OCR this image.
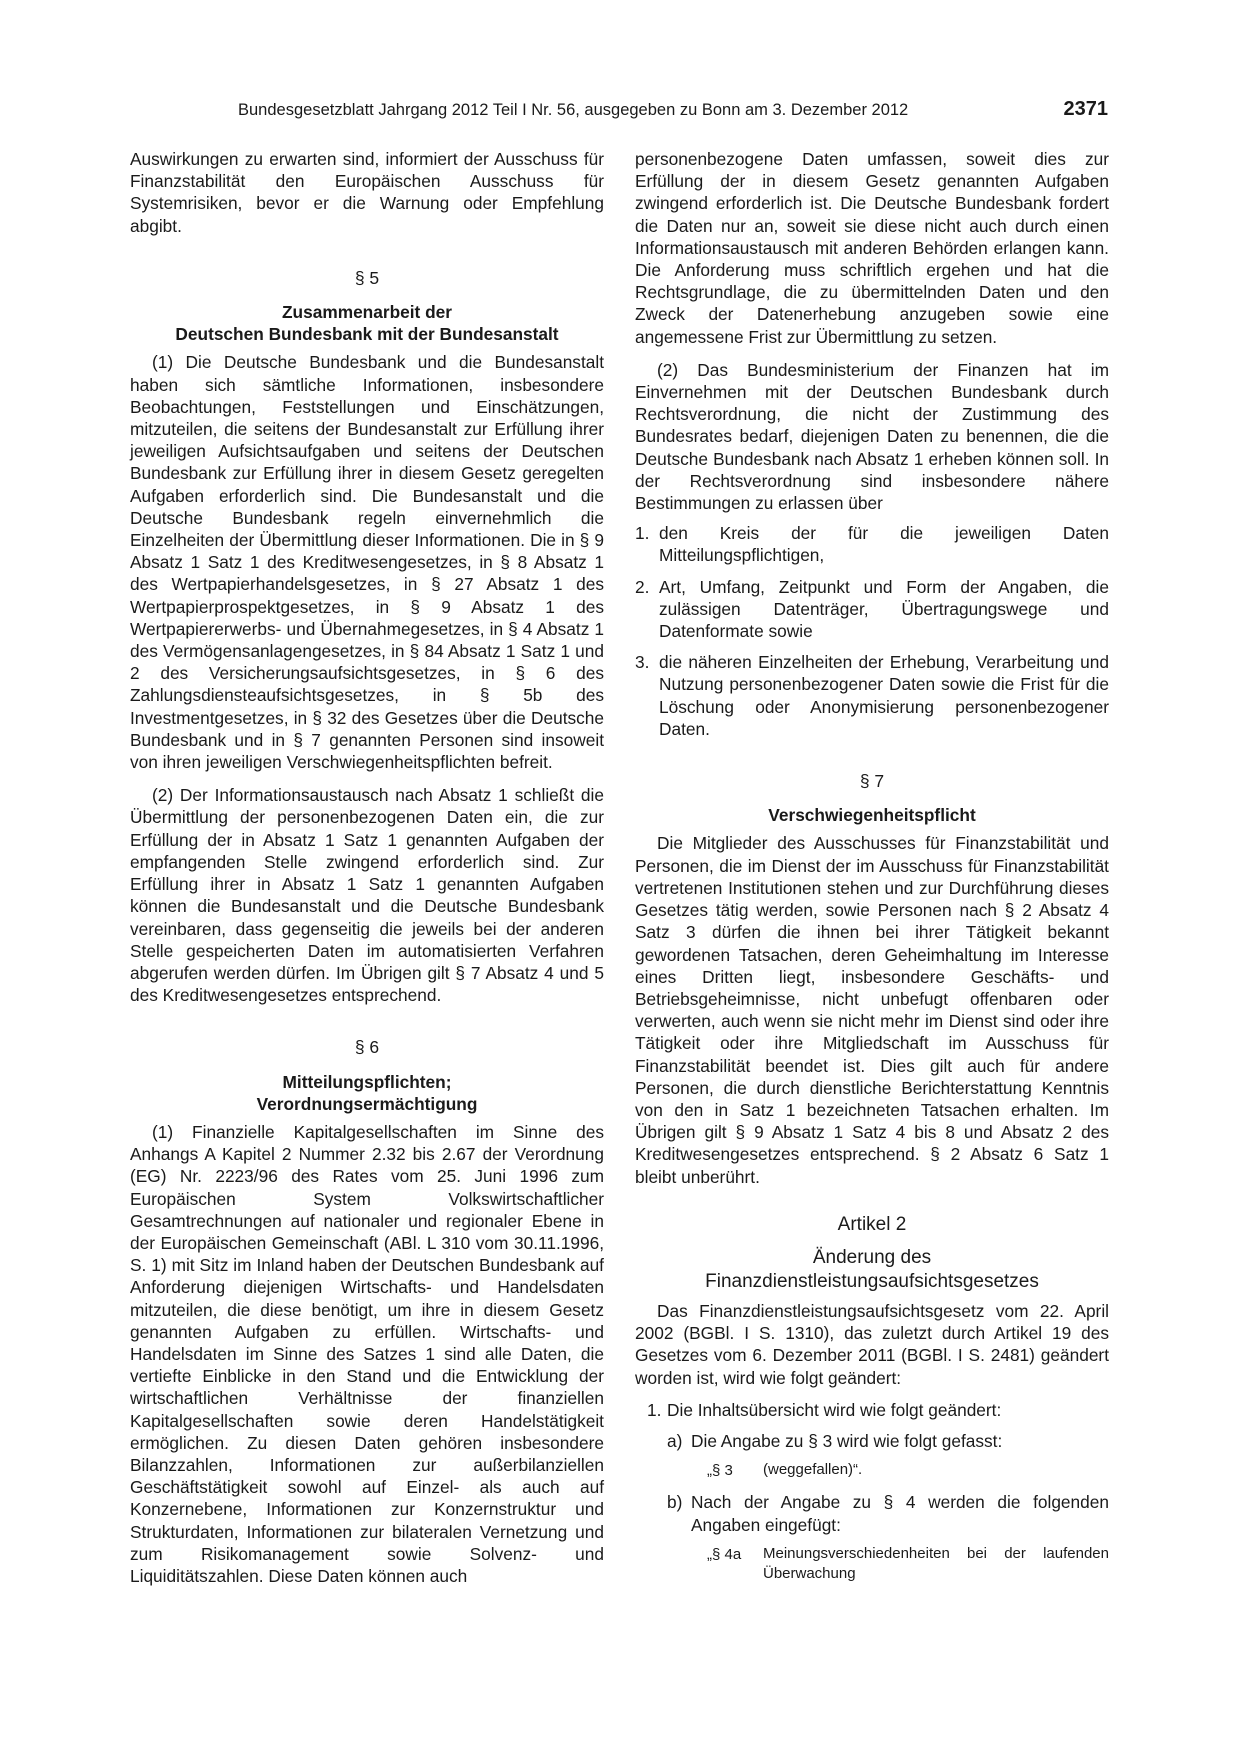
Bundesgesetzblatt Jahrgang 2012 Teil I Nr. 56, ausgegeben zu Bonn am 3. Dezember 2012	2371

Auswirkungen zu erwarten sind, informiert der Ausschuss für Finanzstabilität den Europäischen Ausschuss für Systemrisiken, bevor er die Warnung oder Empfehlung abgibt.

§ 5
Zusammenarbeit der
Deutschen Bundesbank mit der Bundesanstalt

(1) Die Deutsche Bundesbank und die Bundesanstalt haben sich sämtliche Informationen, insbesondere Beobachtungen, Feststellungen und Einschätzungen, mitzuteilen, die seitens der Bundesanstalt zur Erfüllung ihrer jeweiligen Aufsichtsaufgaben und seitens der Deutschen Bundesbank zur Erfüllung ihrer in diesem Gesetz geregelten Aufgaben erforderlich sind. Die Bundesanstalt und die Deutsche Bundesbank regeln einvernehmlich die Einzelheiten der Übermittlung dieser Informationen. Die in § 9 Absatz 1 Satz 1 des Kreditwesengesetzes, in § 8 Absatz 1 des Wertpapierhandelsgesetzes, in § 27 Absatz 1 des Wertpapierprospektgesetzes, in § 9 Absatz 1 des Wertpapiererwerbs- und Übernahmegesetzes, in § 4 Absatz 1 des Vermögensanlagengesetzes, in § 84 Absatz 1 Satz 1 und 2 des Versicherungsaufsichtsgesetzes, in § 6 des Zahlungsdiensteaufsichtsgesetzes, in § 5b des Investmentgesetzes, in § 32 des Gesetzes über die Deutsche Bundesbank und in § 7 genannten Personen sind insoweit von ihren jeweiligen Verschwiegenheitspflichten befreit.

(2) Der Informationsaustausch nach Absatz 1 schließt die Übermittlung der personenbezogenen Daten ein, die zur Erfüllung der in Absatz 1 Satz 1 genannten Aufgaben der empfangenden Stelle zwingend erforderlich sind. Zur Erfüllung ihrer in Absatz 1 Satz 1 genannten Aufgaben können die Bundesanstalt und die Deutsche Bundesbank vereinbaren, dass gegenseitig die jeweils bei der anderen Stelle gespeicherten Daten im automatisierten Verfahren abgerufen werden dürfen. Im Übrigen gilt § 7 Absatz 4 und 5 des Kreditwesengesetzes entsprechend.

§ 6
Mitteilungspflichten;
Verordnungsermächtigung

(1) Finanzielle Kapitalgesellschaften im Sinne des Anhangs A Kapitel 2 Nummer 2.32 bis 2.67 der Verordnung (EG) Nr. 2223/96 des Rates vom 25. Juni 1996 zum Europäischen System Volkswirtschaftlicher Gesamtrechnungen auf nationaler und regionaler Ebene in der Europäischen Gemeinschaft (ABl. L 310 vom 30.11.1996, S. 1) mit Sitz im Inland haben der Deutschen Bundesbank auf Anforderung diejenigen Wirtschafts- und Handelsdaten mitzuteilen, die diese benötigt, um ihre in diesem Gesetz genannten Aufgaben zu erfüllen. Wirtschafts- und Handelsdaten im Sinne des Satzes 1 sind alle Daten, die vertiefte Einblicke in den Stand und die Entwicklung der wirtschaftlichen Verhältnisse der finanziellen Kapitalgesellschaften sowie deren Handelstätigkeit ermöglichen. Zu diesen Daten gehören insbesondere Bilanzzahlen, Informationen zur außerbilanziellen Geschäftstätigkeit sowohl auf Einzel- als auch auf Konzernebene, Informationen zur Konzernstruktur und Strukturdaten, Informationen zur bilateralen Vernetzung und zum Risikomanagement sowie Solvenz- und Liquiditätszahlen. Diese Daten können auch

personenbezogene Daten umfassen, soweit dies zur Erfüllung der in diesem Gesetz genannten Aufgaben zwingend erforderlich ist. Die Deutsche Bundesbank fordert die Daten nur an, soweit sie diese nicht auch durch einen Informationsaustausch mit anderen Behörden erlangen kann. Die Anforderung muss schriftlich ergehen und hat die Rechtsgrundlage, die zu übermittelnden Daten und den Zweck der Datenerhebung anzugeben sowie eine angemessene Frist zur Übermittlung zu setzen.

(2) Das Bundesministerium der Finanzen hat im Einvernehmen mit der Deutschen Bundesbank durch Rechtsverordnung, die nicht der Zustimmung des Bundesrates bedarf, diejenigen Daten zu benennen, die die Deutsche Bundesbank nach Absatz 1 erheben können soll. In der Rechtsverordnung sind insbesondere nähere Bestimmungen zu erlassen über

1. den Kreis der für die jeweiligen Daten Mitteilungspflichtigen,
2. Art, Umfang, Zeitpunkt und Form der Angaben, die zulässigen Datenträger, Übertragungswege und Datenformate sowie
3. die näheren Einzelheiten der Erhebung, Verarbeitung und Nutzung personenbezogener Daten sowie die Frist für die Löschung oder Anonymisierung personenbezogener Daten.
§ 7
Verschwiegenheitspflicht

Die Mitglieder des Ausschusses für Finanzstabilität und Personen, die im Dienst der im Ausschuss für Finanzstabilität vertretenen Institutionen stehen und zur Durchführung dieses Gesetzes tätig werden, sowie Personen nach § 2 Absatz 4 Satz 3 dürfen die ihnen bei ihrer Tätigkeit bekannt gewordenen Tatsachen, deren Geheimhaltung im Interesse eines Dritten liegt, insbesondere Geschäfts- und Betriebsgeheimnisse, nicht unbefugt offenbaren oder verwerten, auch wenn sie nicht mehr im Dienst sind oder ihre Tätigkeit oder ihre Mitgliedschaft im Ausschuss für Finanzstabilität beendet ist. Dies gilt auch für andere Personen, die durch dienstliche Berichterstattung Kenntnis von den in Satz 1 bezeichneten Tatsachen erhalten. Im Übrigen gilt § 9 Absatz 1 Satz 4 bis 8 und Absatz 2 des Kreditwesengesetzes entsprechend. § 2 Absatz 6 Satz 1 bleibt unberührt.

Artikel 2
Änderung des
Finanzdienstleistungsaufsichtsgesetzes

Das Finanzdienstleistungsaufsichtsgesetz vom 22. April 2002 (BGBl. I S. 1310), das zuletzt durch Artikel 19 des Gesetzes vom 6. Dezember 2011 (BGBl. I S. 2481) geändert worden ist, wird wie folgt geändert:

1. Die Inhaltsübersicht wird wie folgt geändert:
a) Die Angabe zu § 3 wird wie folgt gefasst:
„§ 3	(weggefallen)“.
b) Nach der Angabe zu § 4 werden die folgenden Angaben eingefügt:
„§ 4a	Meinungsverschiedenheiten bei der laufenden Überwachung
